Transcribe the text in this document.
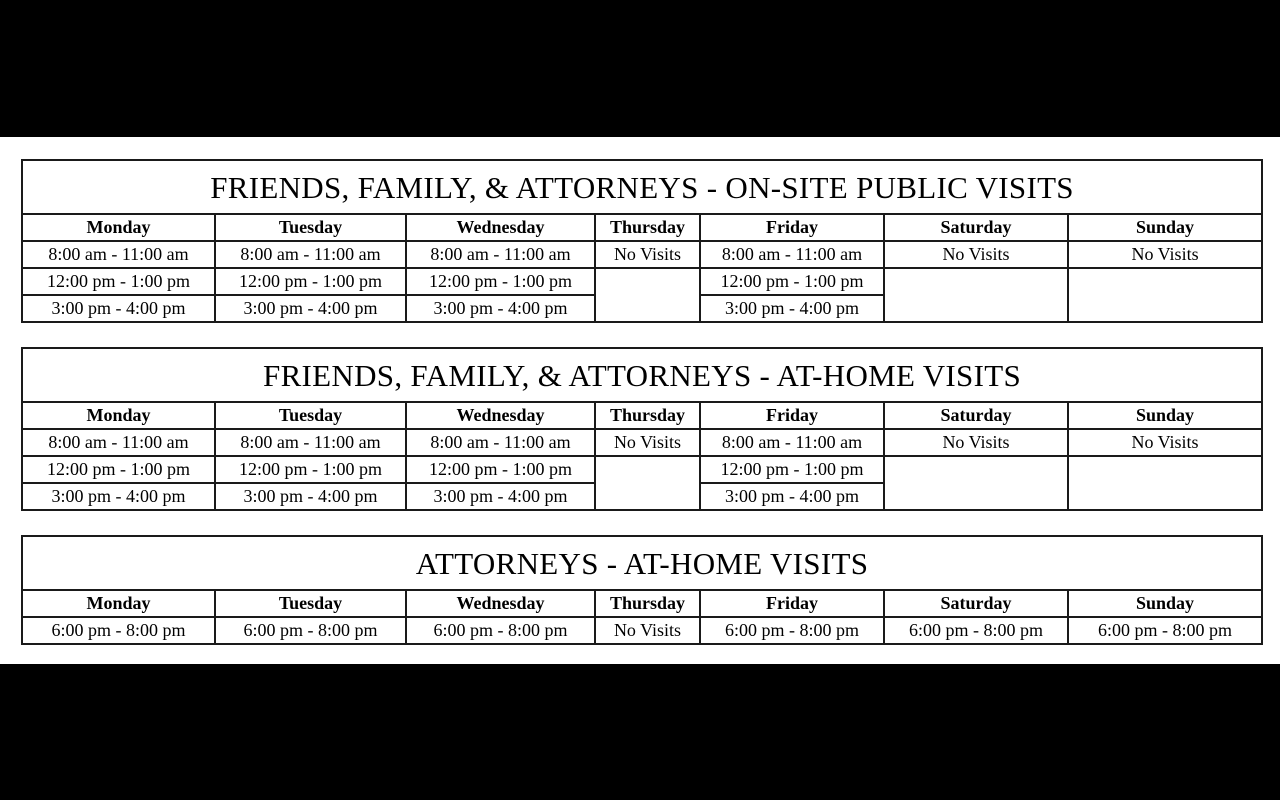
FRIENDS, FAMILY, & ATTORNEYS - ON-SITE PUBLIC VISITS						
Monday	Tuesday	Wednesday	Thursday	Friday	Saturday	Sunday
8:00 am - 11:00 am	8:00 am - 11:00 am	8:00 am - 11:00 am	No Visits	8:00 am - 11:00 am	No Visits	No Visits
12:00 pm - 1:00 pm	12:00 pm - 1:00 pm	12:00 pm - 1:00 pm		12:00 pm - 1:00 pm		
3:00 pm - 4:00 pm	3:00 pm - 4:00 pm	3:00 pm - 4:00 pm		3:00 pm - 4:00 pm		
FRIENDS, FAMILY, & ATTORNEYS - AT-HOME VISITS						
Monday	Tuesday	Wednesday	Thursday	Friday	Saturday	Sunday
8:00 am - 11:00 am	8:00 am - 11:00 am	8:00 am - 11:00 am	No Visits	8:00 am - 11:00 am	No Visits	No Visits
12:00 pm - 1:00 pm	12:00 pm - 1:00 pm	12:00 pm - 1:00 pm		12:00 pm - 1:00 pm		
3:00 pm - 4:00 pm	3:00 pm - 4:00 pm	3:00 pm - 4:00 pm		3:00 pm - 4:00 pm		
ATTORNEYS - AT-HOME VISITS						
Monday	Tuesday	Wednesday	Thursday	Friday	Saturday	Sunday
6:00 pm - 8:00 pm	6:00 pm - 8:00 pm	6:00 pm - 8:00 pm	No Visits	6:00 pm - 8:00 pm	6:00 pm - 8:00 pm	6:00 pm - 8:00 pm
